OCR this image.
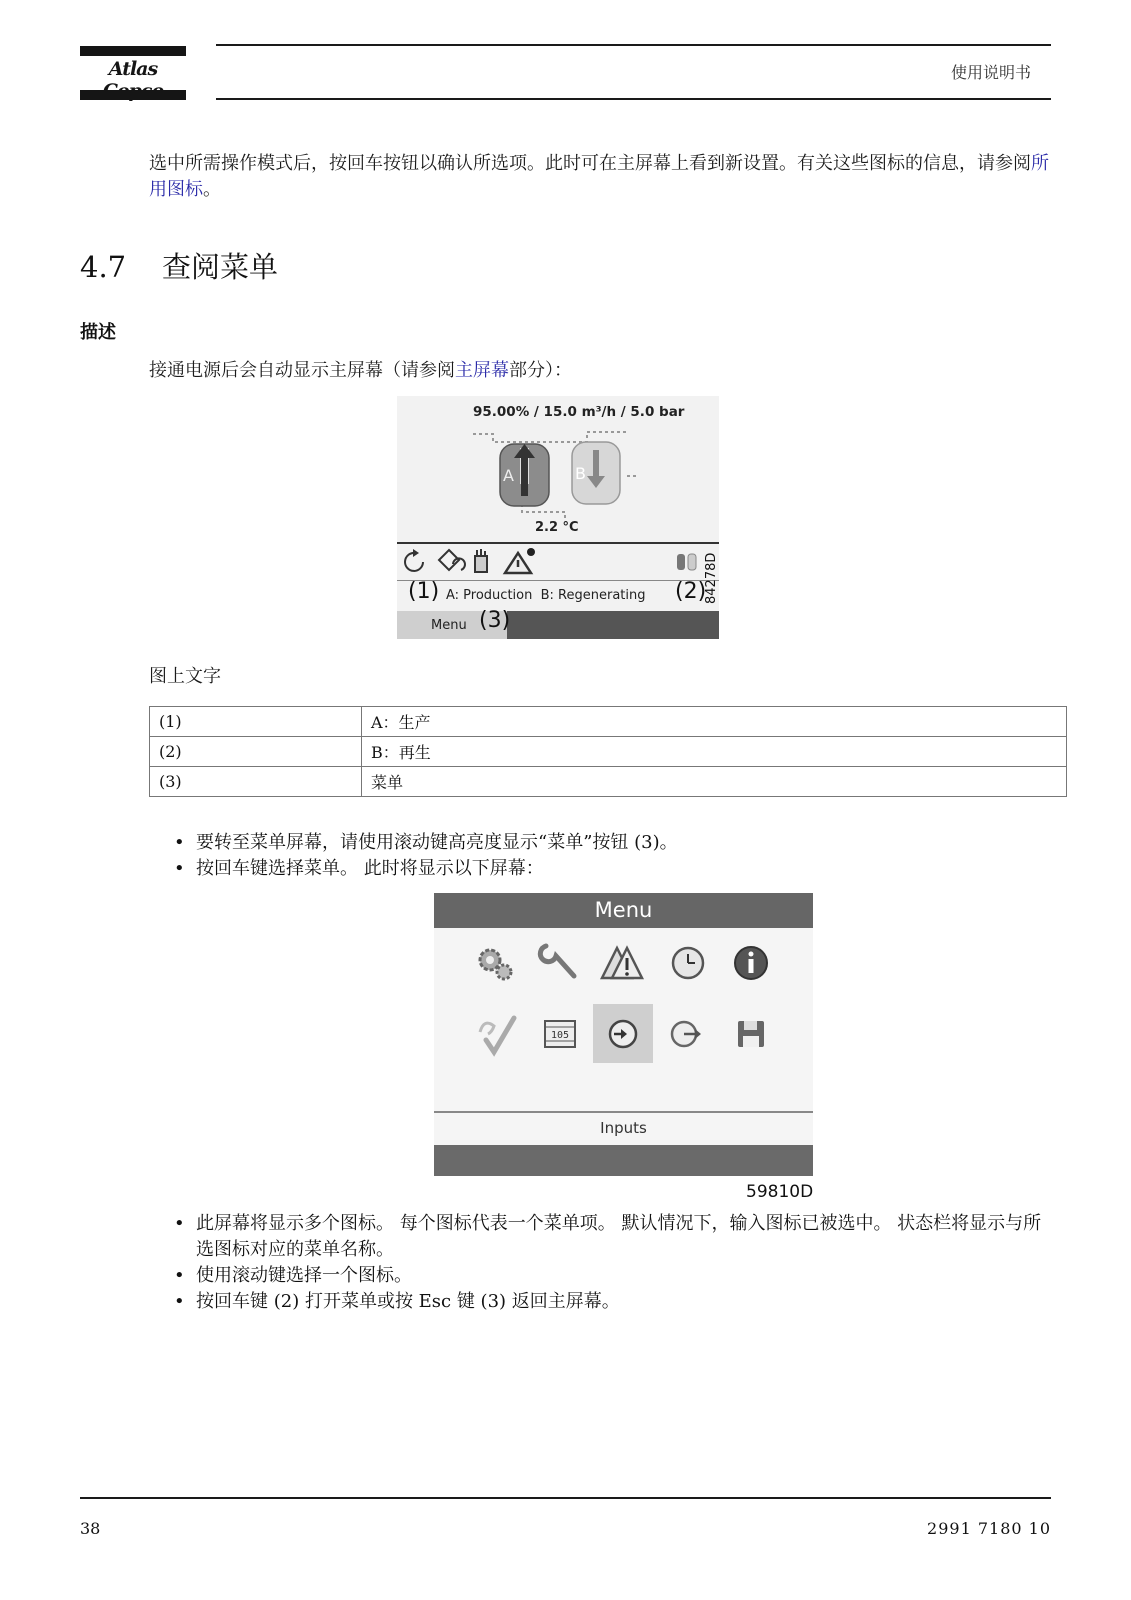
Atlas	使用说明书
选中所需操作模式后，按回车按钮以确认所选项。此时可在主屏幕上看到新设置。有关这些图标的信息，请参阅所用图标。
4.7 查阅菜单
描述
接通电源后会自动显示主屏幕（请参阅主屏幕部分）：
95.00% / 15.0 m³/h / 5.0 bar
A	B
2.2 °C
(1) A: Production  B: Regenerating (2)
Menu (3)
84278D
图上文字
(1)	A：生产
(2)	B：再生
(3)	菜单
• 要转至菜单屏幕，请使用滚动键高亮度显示“菜单”按钮 (3)。
• 按回车键选择菜单。 此时将显示以下屏幕：
Menu
105
Inputs
59810D
• 此屏幕将显示多个图标。 每个图标代表一个菜单项。 默认情况下，输入图标已被选中。 状态栏将显示与所选图标对应的菜单名称。
• 使用滚动键选择一个图标。
• 按回车键 (2) 打开菜单或按 Esc 键 (3) 返回主屏幕。
38	2991 7180 10
